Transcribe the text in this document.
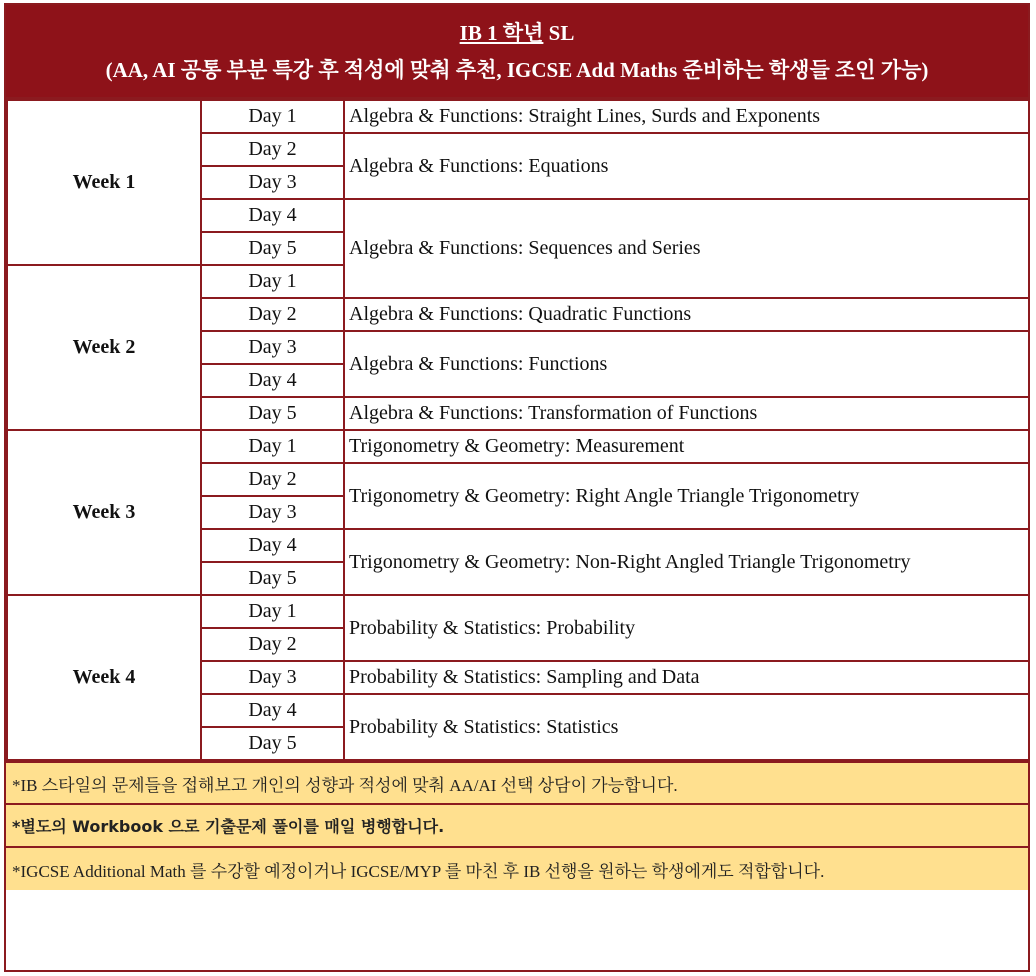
IB 1 학년 SL
(AA, AI 공통 부분 특강 후 적성에 맞춰 추천, IGCSE Add Maths 준비하는 학생들 조인 가능)
Week 1	Day 1	Algebra & Functions: Straight Lines, Surds and Exponents
	Day 2	Algebra & Functions: Equations
	Day 3	
	Day 4	Algebra & Functions: Sequences and Series
	Day 5	
Week 2	Day 1	
	Day 2	Algebra & Functions: Quadratic Functions
	Day 3	Algebra & Functions: Functions
	Day 4	
	Day 5	Algebra & Functions: Transformation of Functions
Week 3	Day 1	Trigonometry & Geometry: Measurement
	Day 2	Trigonometry & Geometry: Right Angle Triangle Trigonometry
	Day 3	
	Day 4	Trigonometry & Geometry: Non-Right Angled Triangle Trigonometry
	Day 5	
Week 4	Day 1	Probability & Statistics: Probability
	Day 2	
	Day 3	Probability & Statistics: Sampling and Data
	Day 4	Probability & Statistics: Statistics
	Day 5	
*IB 스타일의 문제들을 접해보고 개인의 성향과 적성에 맞춰 AA/AI 선택 상담이 가능합니다.
*별도의 Workbook 으로 기출문제 풀이를 매일 병행합니다.
*IGCSE Additional Math 를 수강할 예정이거나 IGCSE/MYP 를 마친 후 IB 선행을 원하는 학생에게도 적합합니다.
